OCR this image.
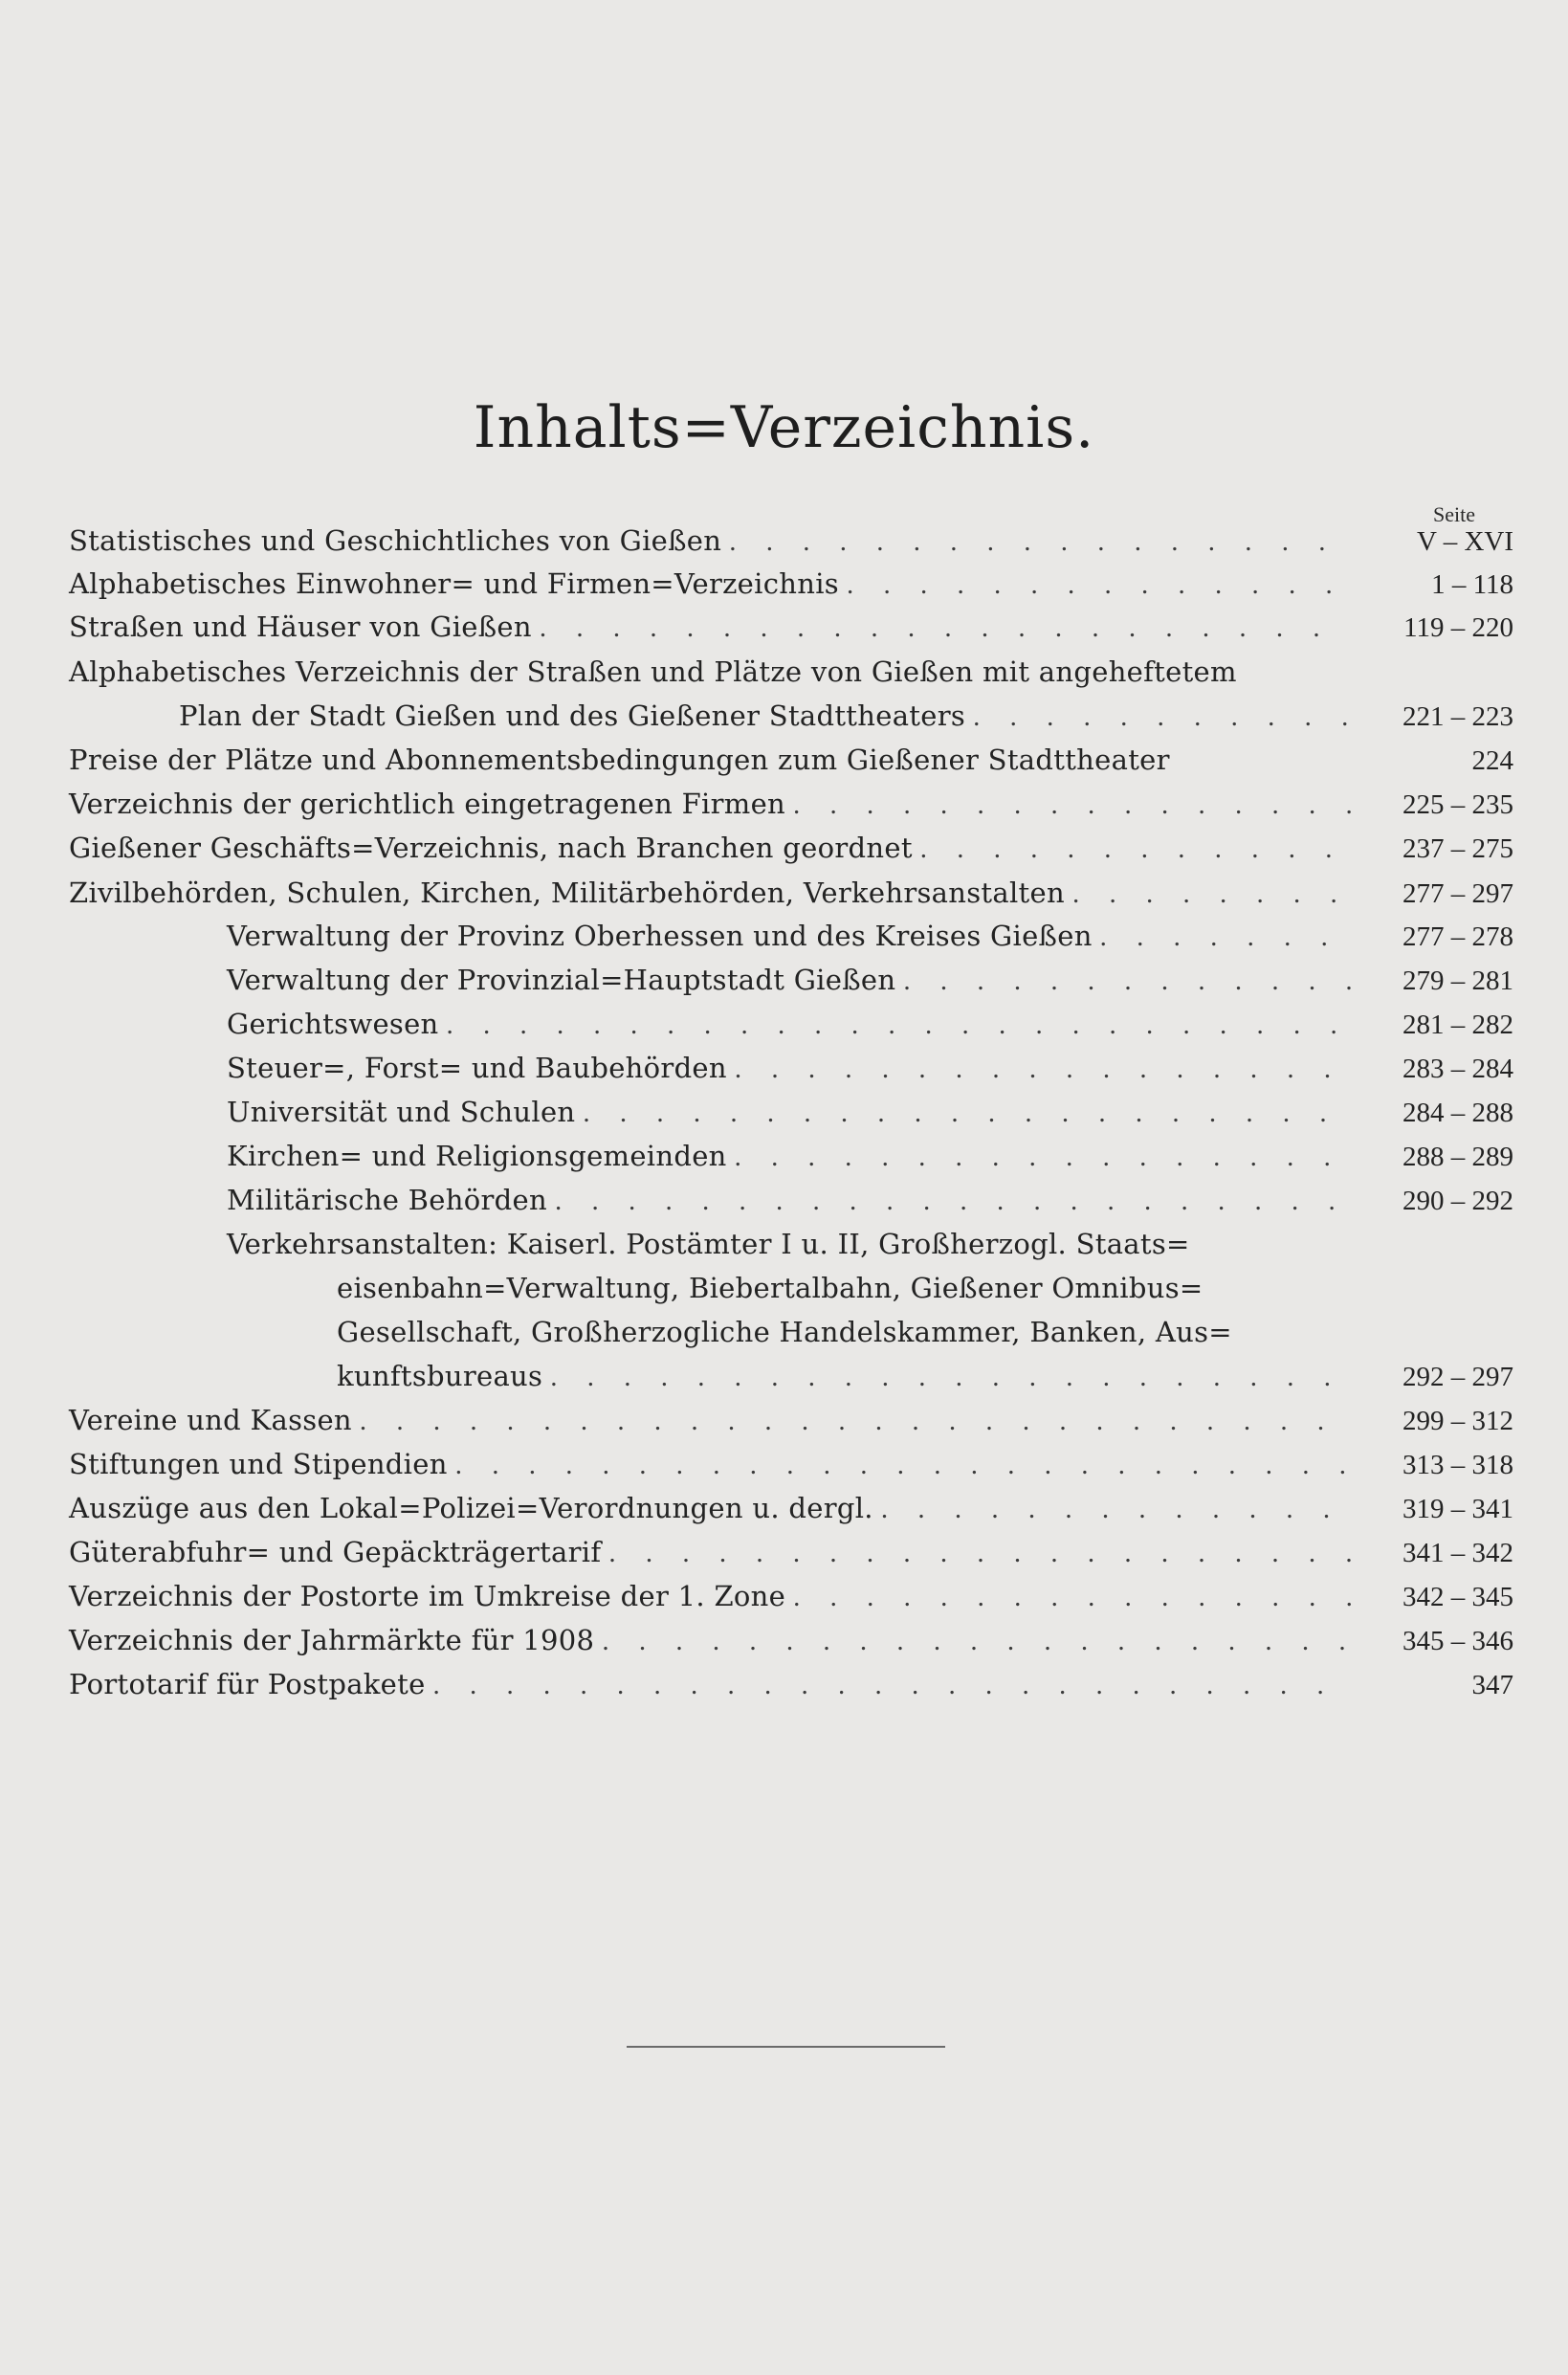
Inhalts=Verzeichnis.
Seite
Statistisches und Geschichtliches von Gießen . . .	V – XVI
Alphabetisches Einwohner= und Firmen=Verzeichnis . . .	1 – 118
Straßen und Häuser von Gießen . . .	119 – 220
Alphabetisches Verzeichnis der Straßen und Plätze von Gießen mit angeheftetem
Plan der Stadt Gießen und des Gießener Stadttheaters . . .	221 – 223
Preise der Plätze und Abonnementsbedingungen zum Gießener Stadttheater	224
Verzeichnis der gerichtlich eingetragenen Firmen . . .	225 – 235
Gießener Geschäfts=Verzeichnis, nach Branchen geordnet . . .	237 – 275
Zivilbehörden, Schulen, Kirchen, Militärbehörden, Verkehrsanstalten . . .	277 – 297
Verwaltung der Provinz Oberhessen und des Kreises Gießen . . .	277 – 278
Verwaltung der Provinzial=Hauptstadt Gießen . . .	279 – 281
Gerichtswesen . . .	281 – 282
Steuer=, Forst= und Baubehörden . . .	283 – 284
Universität und Schulen . . .	284 – 288
Kirchen= und Religionsgemeinden . . .	288 – 289
Militärische Behörden . . .	290 – 292
Verkehrsanstalten: Kaiserl. Postämter I u. II, Großherzogl. Staats=
eisenbahn=Verwaltung, Biebertalbahn, Gießener Omnibus=
Gesellschaft, Großherzogliche Handelskammer, Banken, Aus=
kunftsbureaus . . .	292 – 297
Vereine und Kassen . . .	299 – 312
Stiftungen und Stipendien . . .	313 – 318
Auszüge aus den Lokal=Polizei=Verordnungen u. dergl. . . .	319 – 341
Güterabfuhr= und Gepäckträgertarif . . .	341 – 342
Verzeichnis der Postorte im Umkreise der 1. Zone . . .	342 – 345
Verzeichnis der Jahrmärkte für 1908 . . .	345 – 346
Portotarif für Postpakete . . .	347
